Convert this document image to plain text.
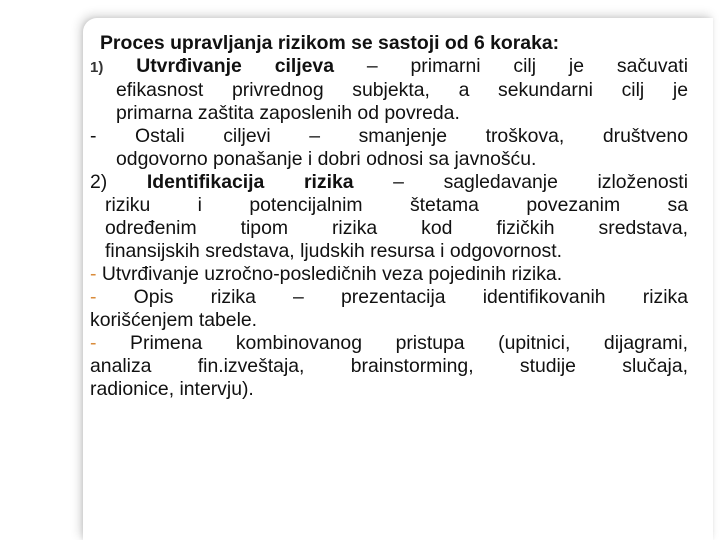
Proces upravljanja rizikom se sastoji od 6 koraka:
1) Utvrđivanje ciljeva – primarni cilj je sačuvati
efikasnost privrednog subjekta, a sekundarni cilj je
primarna zaštita zaposlenih od povreda.
- Ostali ciljevi – smanjenje troškova, društveno
odgovorno ponašanje i dobri odnosi sa javnošću.
2) Identifikacija rizika – sagledavanje izloženosti
riziku i potencijalnim štetama povezanim sa
određenim tipom rizika kod fizičkih sredstava,
finansijskih sredstava, ljudskih resursa i odgovornost.
- Utvrđivanje uzročno-posledičnih veza pojedinih rizika.
- Opis rizika – prezentacija identifikovanih rizika
korišćenjem tabele.
- Primena kombinovanog pristupa (upitnici, dijagrami,
analiza fin.izveštaja, brainstorming, studije slučaja,
radionice, intervju).
